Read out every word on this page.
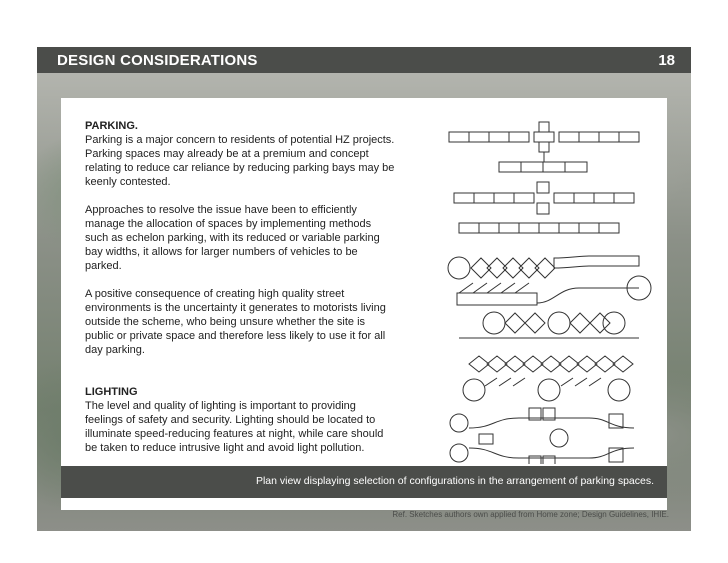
DESIGN CONSIDERATIONS	18

PARKING.

Parking is a major concern to residents of potential HZ projects. Parking spaces may already be at a premium and concept relating to reduce car reliance by reducing parking bays may be keenly contested.

Approaches to resolve the issue have been to efficiently manage the allocation of spaces by implementing methods such as echelon parking, with its reduced or variable parking bay widths, it allows for larger numbers of vehicles to be parked.

A positive consequence of creating high quality street environments is the uncertainty it generates to motorists living outside the scheme, who being unsure whether the site is public or private space and therefore less likely to use it for all day parking.

LIGHTING

The level and quality of lighting is important to providing feelings of safety and security. Lighting should be located to illuminate speed-reducing features at night, while care should be taken to reduce intrusive light and avoid light pollution.

Plan view displaying selection of configurations in the arrangement of parking spaces.
Ref. Sketches authors own applied from Home zone; Design Guidelines, IHIE.
